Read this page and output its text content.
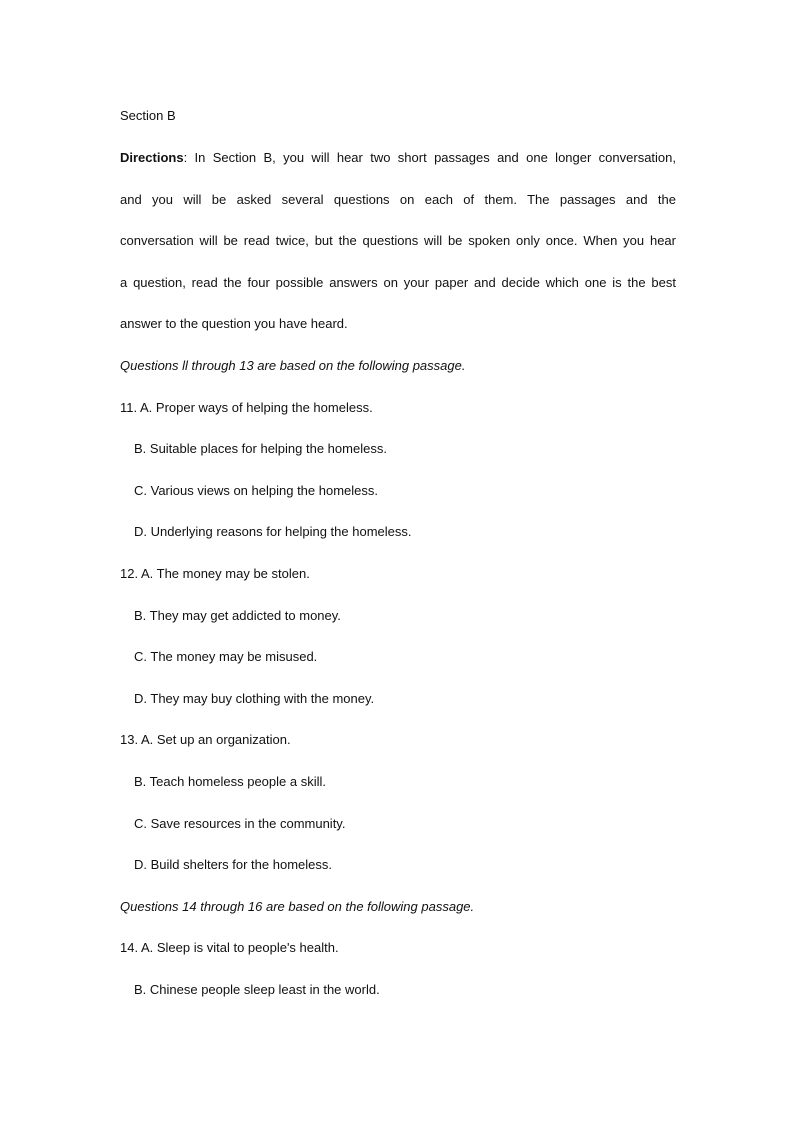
Section B
Directions: In Section B, you will hear two short passages and one longer conversation,
and you will be asked several questions on each of them. The passages and the
conversation will be read twice, but the questions will be spoken only once. When you hear
a question, read the four possible answers on your paper and decide which one is the best
answer to the question you have heard.
Questions ll through 13 are based on the following passage.
11. A. Proper ways of helping the homeless.
B. Suitable places for helping the homeless.
C. Various views on helping the homeless.
D. Underlying reasons for helping the homeless.
12. A. The money may be stolen.
B. They may get addicted to money.
C. The money may be misused.
D. They may buy clothing with the money.
13. A. Set up an organization.
B. Teach homeless people a skill.
C. Save resources in the community.
D. Build shelters for the homeless.
Questions 14 through 16 are based on the following passage.
14. A. Sleep is vital to people's health.
B. Chinese people sleep least in the world.
